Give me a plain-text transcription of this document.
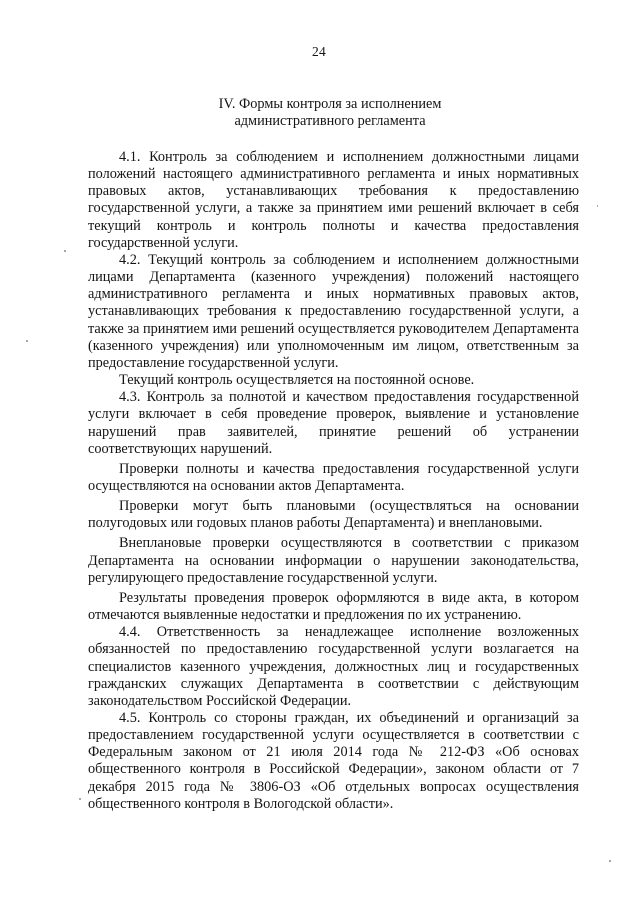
24
IV. Формы контроля за исполнением
административного регламента

4.1. Контроль за соблюдением и исполнением должностными лицами положений настоящего административного регламента и иных нормативных правовых актов, устанавливающих требования к предоставлению государственной услуги, а также за принятием ими решений включает в себя текущий контроль и контроль полноты и качества предоставления государственной услуги.

4.2. Текущий контроль за соблюдением и исполнением должностными лицами Департамента (казенного учреждения) положений настоящего административного регламента и иных нормативных правовых актов, устанавливающих требования к предоставлению государственной услуги, а также за принятием ими решений осуществляется руководителем Департамента (казенного учреждения) или уполномоченным им лицом, ответственным за предоставление государственной услуги.

Текущий контроль осуществляется на постоянной основе.

4.3. Контроль за полнотой и качеством предоставления государственной услуги включает в себя проведение проверок, выявление и установление нарушений прав заявителей, принятие решений об устранении соответствующих нарушений.

Проверки полноты и качества предоставления государственной услуги осуществляются на основании актов Департамента.

Проверки могут быть плановыми (осуществляться на основании полугодовых или годовых планов работы Департамента) и внеплановыми.

Внеплановые проверки осуществляются в соответствии с приказом Департамента на основании информации о нарушении законодательства, регулирующего предоставление государственной услуги.

Результаты проведения проверок оформляются в виде акта, в котором отмечаются выявленные недостатки и предложения по их устранению.

4.4. Ответственность за ненадлежащее исполнение возложенных обязанностей по предоставлению государственной услуги возлагается на специалистов казенного учреждения, должностных лиц и государственных гражданских служащих Департамента в соответствии с действующим законодательством Российской Федерации.

4.5. Контроль со стороны граждан, их объединений и организаций за предоставлением государственной услуги осуществляется в соответствии с Федеральным законом от 21 июля 2014 года № 212-ФЗ «Об основах общественного контроля в Российской Федерации», законом области от 7 декабря 2015 года № 3806-ОЗ «Об отдельных вопросах осуществления общественного контроля в Вологодской области».
